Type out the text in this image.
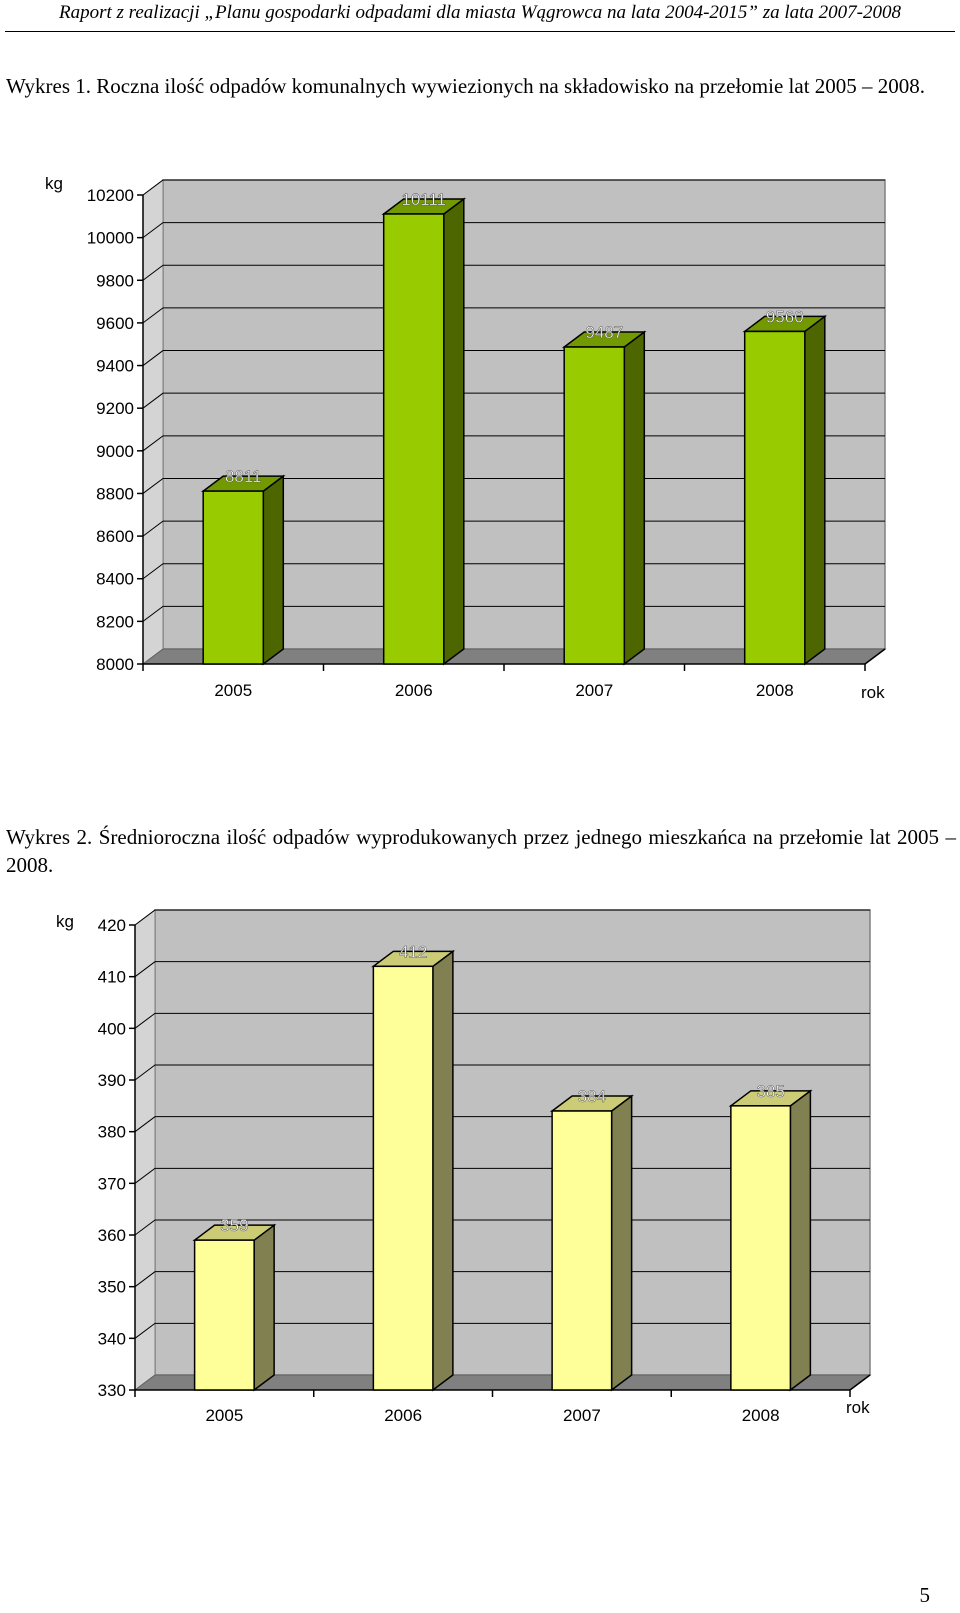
Raport z realizacji „Planu gospodarki odpadami dla miasta Wągrowca na lata 2004-2015” za lata 2007-2008
Wykres 1. Roczna ilość odpadów komunalnych wywiezionych na składowisko na przełomie lat 2005 – 2008.
8000
8200
8400
8600
8800
9000
9200
9400
9600
9800
10000
10200
kg
rok
8811
2005
10111
2006
9487
2007
9560
2008
Wykres 2. Średnioroczna ilość odpadów wyprodukowanych przez jednego mieszkańca na przełomie lat 2005 – 2008.
330
340
350
360
370
380
390
400
410
420
kg
rok
359
2005
412
2006
384
2007
385
2008
5
